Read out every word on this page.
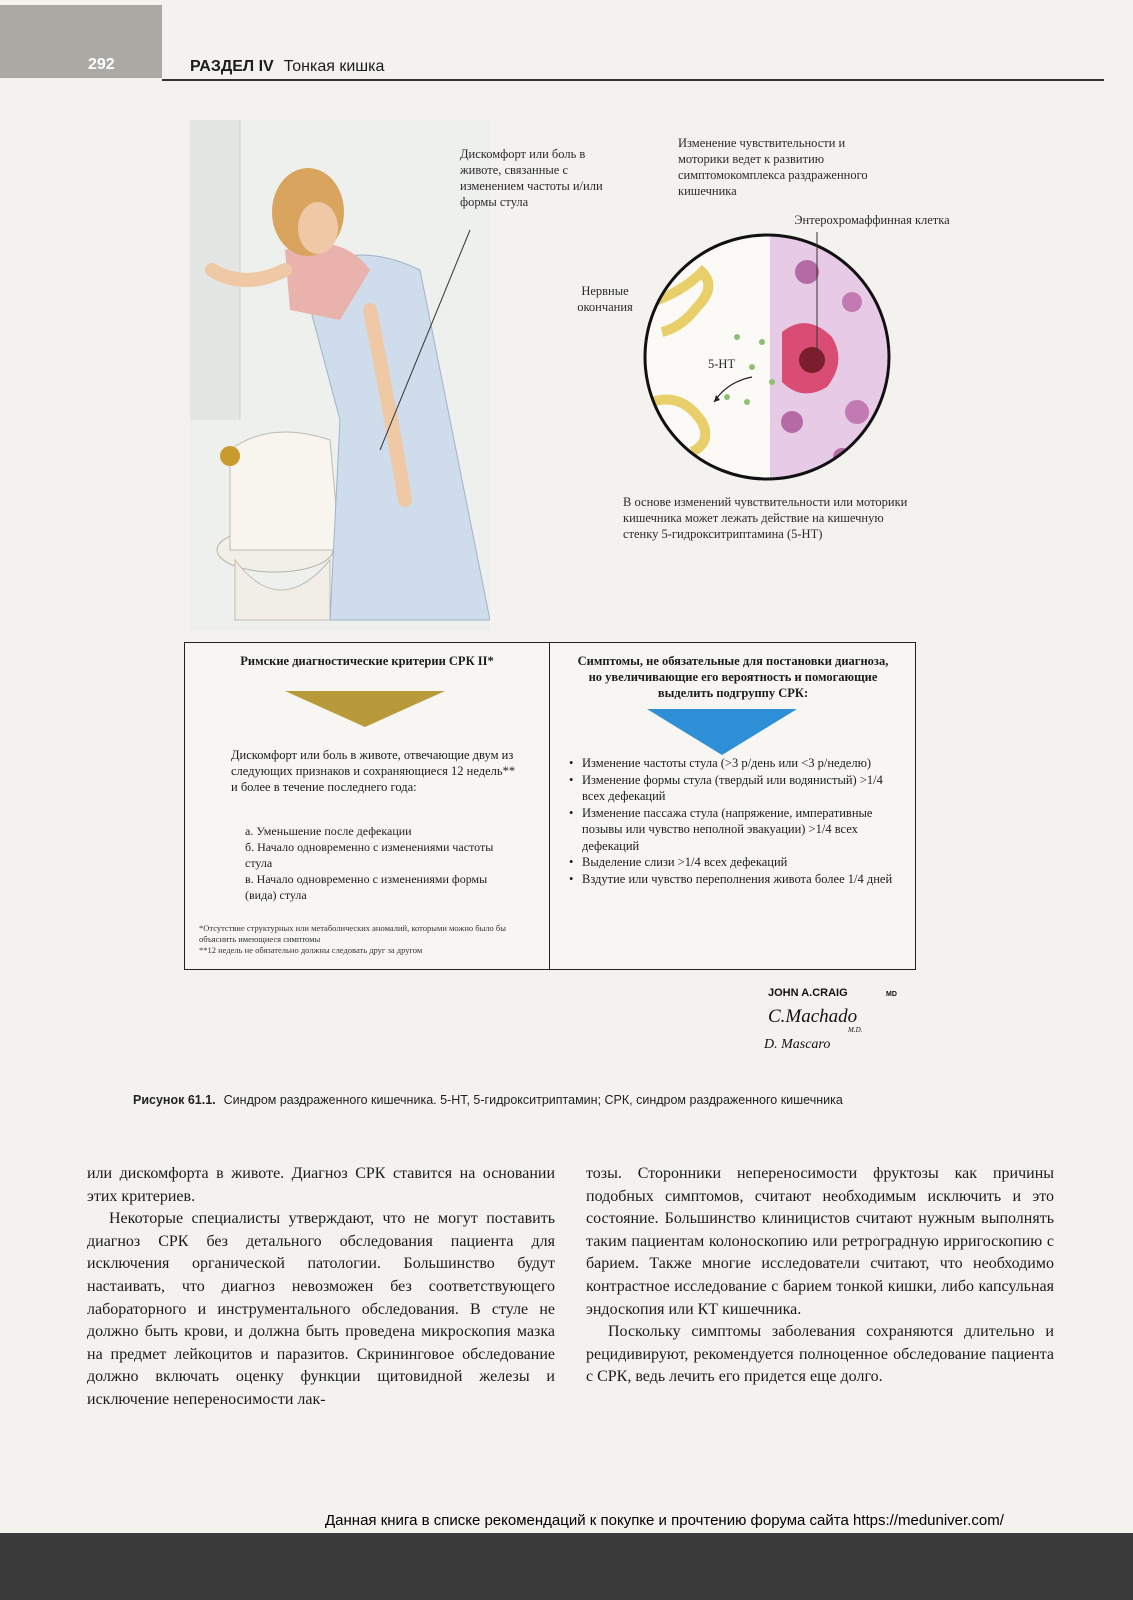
292	РАЗДЕЛ IV Тонкая кишка
Дискомфорт или боль в животе, связанные с изменением частоты и/или формы стула
Изменение чувствительности и моторики ведет к развитию симптомокомплекса раздраженного кишечника
Энтерохромаффинная клетка
Нервные окончания
5-НТ
В основе изменений чувствительности или моторики кишечника может лежать действие на кишечную стенку 5-гидрокситриптамина (5-НТ)
Римские диагностические критерии СРК II*
Дискомфорт или боль в животе, отвечающие двум из следующих признаков и сохраняющиеся 12 недель** и более в течение последнего года:
а. Уменьшение после дефекации
б. Начало одновременно с изменениями частоты стула
в. Начало одновременно с изменениями формы (вида) стула
*Отсутствие структурных или метаболических аномалий, которыми можно было бы объяснить имеющиеся симптомы
**12 недель не обязательно должны следовать друг за другом
Симптомы, не обязательные для постановки диагноза, но увеличивающие его вероятность и помогающие выделить подгруппу СРК:
• Изменение частоты стула (>3 р/день или <3 р/неделю)
• Изменение формы стула (твердый или водянистый) >1/4 всех дефекаций
• Изменение пассажа стула (напряжение, императивные позывы или чувство неполной эвакуации) >1/4 всех дефекаций
• Выделение слизи >1/4 всех дефекаций
• Вздутие или чувство переполнения живота более 1/4 дней
JOHN A.CRAIG	MD
C.Machado
M.D.
D. Mascaro
Рисунок 61.1. Синдром раздраженного кишечника. 5-НТ, 5-гидрокситриптамин; СРК, синдром раздраженного кишечника

или дискомфорта в животе. Диагноз СРК ставится на основании этих критериев.

Некоторые специалисты утверждают, что не могут поставить диагноз СРК без детального обследования пациента для исключения органической патологии. Большинство будут настаивать, что диагноз невозможен без соответствующего лабораторного и инструментального обследования. В стуле не должно быть крови, и должна быть проведена микроскопия мазка на предмет лейкоцитов и паразитов. Скрининговое обследование должно включать оценку функции щитовидной железы и исключение непереносимости лак-

тозы. Сторонники непереносимости фруктозы как причины подобных симптомов, считают необходимым исключить и это состояние. Большинство клиницистов считают нужным выполнять таким пациентам колоноскопию или ретроградную ирригоскопию с барием. Также многие исследователи считают, что необходимо контрастное исследование с барием тонкой кишки, либо капсульная эндоскопия или КТ кишечника.

Поскольку симптомы заболевания сохраняются длительно и рецидивируют, рекомендуется полноценное обследование пациента с СРК, ведь лечить его придется еще долго.

Данная книга в списке рекомендаций к покупке и прочтению форума сайта https://meduniver.com/
